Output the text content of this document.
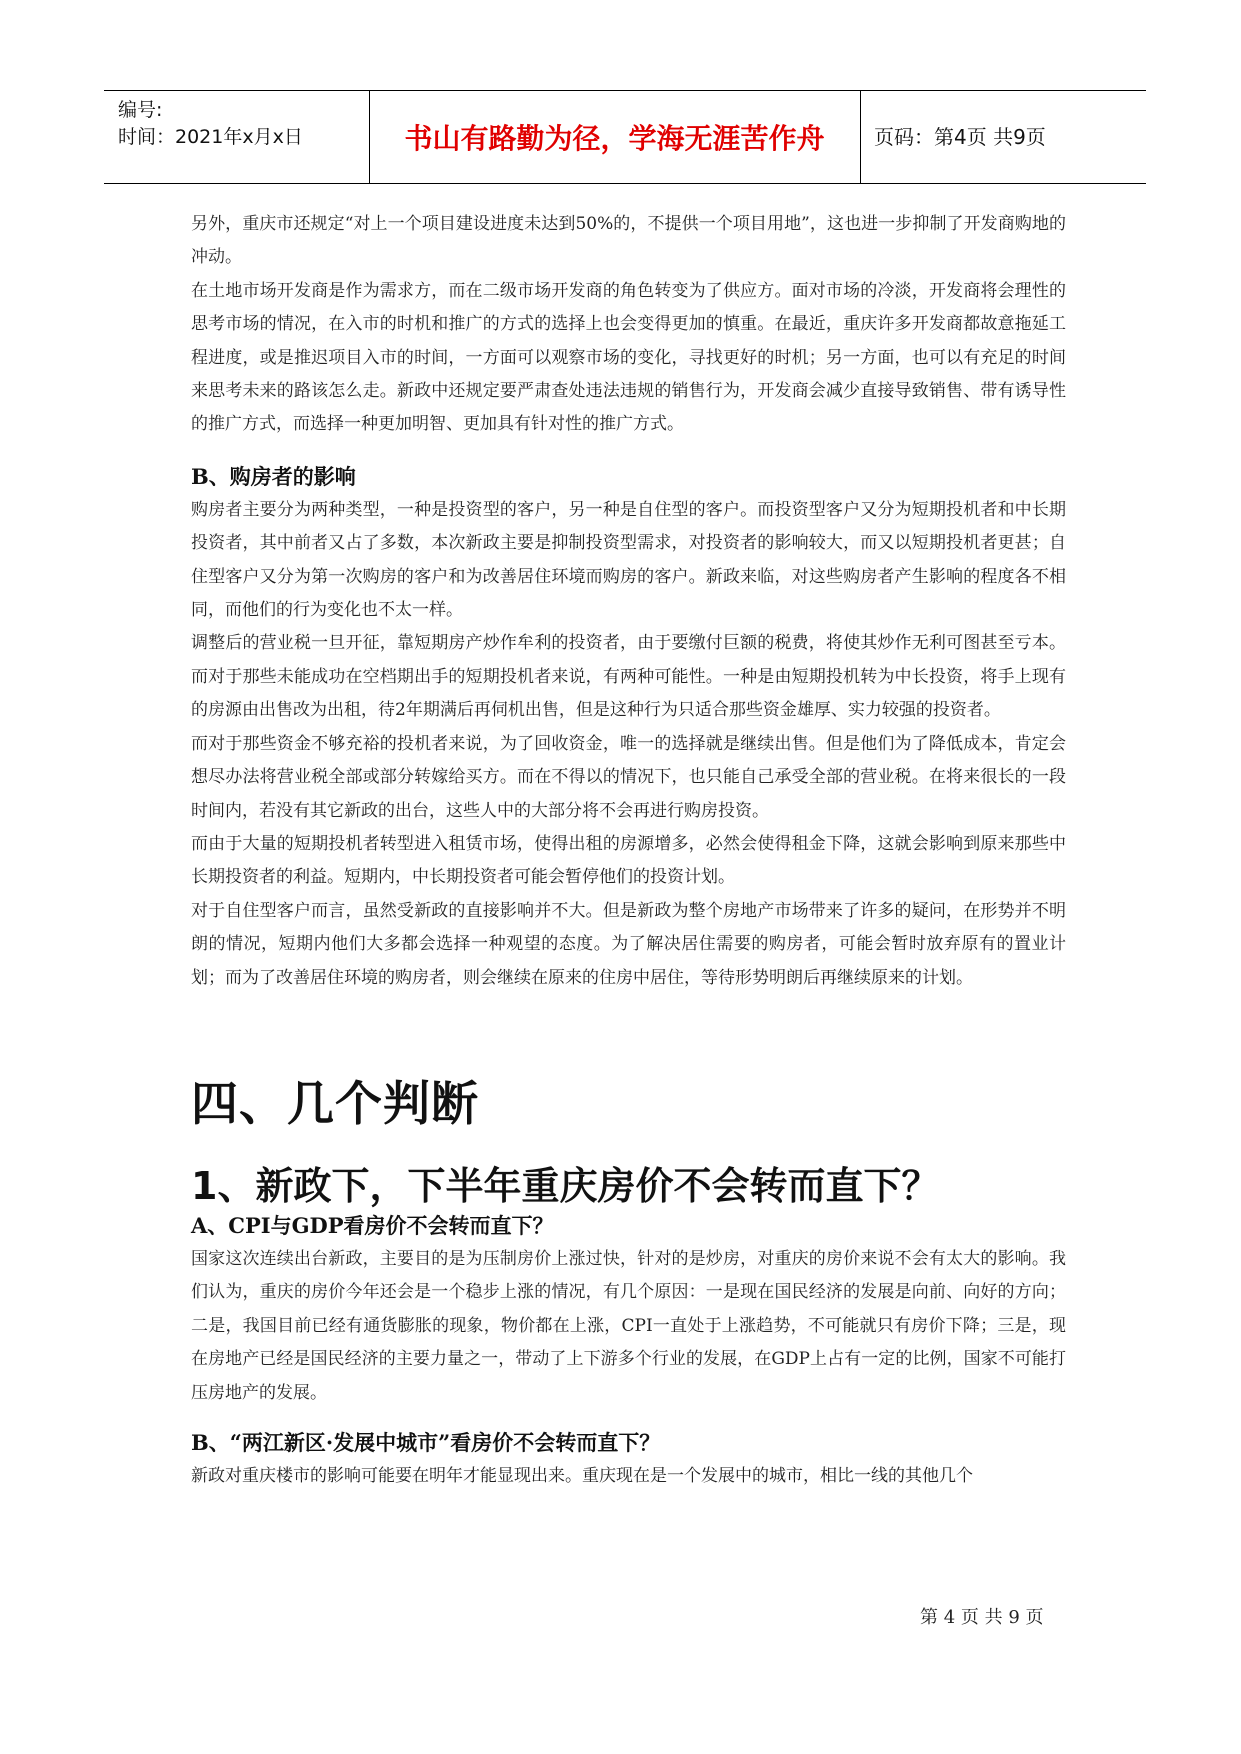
编号:
时间：2021年x月x日	书山有路勤为径，学海无涯苦作舟	页码：第4页 共9页

另外，重庆市还规定“对上一个项目建设进度未达到50%的，不提供一个项目用地”，这也进一步抑制了开发商购地的冲动。

在土地市场开发商是作为需求方，而在二级市场开发商的角色转变为了供应方。面对市场的冷淡，开发商将会理性的思考市场的情况，在入市的时机和推广的方式的选择上也会变得更加的慎重。在最近，重庆许多开发商都故意拖延工程进度，或是推迟项目入市的时间，一方面可以观察市场的变化，寻找更好的时机；另一方面，也可以有充足的时间来思考未来的路该怎么走。新政中还规定要严肃查处违法违规的销售行为，开发商会减少直接导致销售、带有诱导性的推广方式，而选择一种更加明智、更加具有针对性的推广方式。

B、购房者的影响

购房者主要分为两种类型，一种是投资型的客户，另一种是自住型的客户。而投资型客户又分为短期投机者和中长期投资者，其中前者又占了多数，本次新政主要是抑制投资型需求，对投资者的影响较大，而又以短期投机者更甚；自住型客户又分为第一次购房的客户和为改善居住环境而购房的客户。新政来临，对这些购房者产生影响的程度各不相同，而他们的行为变化也不太一样。

调整后的营业税一旦开征，靠短期房产炒作牟利的投资者，由于要缴付巨额的税费，将使其炒作无利可图甚至亏本。而对于那些未能成功在空档期出手的短期投机者来说，有两种可能性。一种是由短期投机转为中长投资，将手上现有的房源由出售改为出租，待2年期满后再伺机出售，但是这种行为只适合那些资金雄厚、实力较强的投资者。

而对于那些资金不够充裕的投机者来说，为了回收资金，唯一的选择就是继续出售。但是他们为了降低成本，肯定会想尽办法将营业税全部或部分转嫁给买方。而在不得以的情况下，也只能自己承受全部的营业税。在将来很长的一段时间内，若没有其它新政的出台，这些人中的大部分将不会再进行购房投资。

而由于大量的短期投机者转型进入租赁市场，使得出租的房源增多，必然会使得租金下降，这就会影响到原来那些中长期投资者的利益。短期内，中长期投资者可能会暂停他们的投资计划。

对于自住型客户而言，虽然受新政的直接影响并不大。但是新政为整个房地产市场带来了许多的疑问，在形势并不明朗的情况，短期内他们大多都会选择一种观望的态度。为了解决居住需要的购房者，可能会暂时放弃原有的置业计划；而为了改善居住环境的购房者，则会继续在原来的住房中居住，等待形势明朗后再继续原来的计划。

四、几个判断
1、新政下，下半年重庆房价不会转而直下？
A、CPI与GDP看房价不会转而直下？

国家这次连续出台新政，主要目的是为压制房价上涨过快，针对的是炒房，对重庆的房价来说不会有太大的影响。我们认为，重庆的房价今年还会是一个稳步上涨的情况，有几个原因：一是现在国民经济的发展是向前、向好的方向；二是，我国目前已经有通货膨胀的现象，物价都在上涨，CPI一直处于上涨趋势，不可能就只有房价下降；三是，现在房地产已经是国民经济的主要力量之一，带动了上下游多个行业的发展，在GDP上占有一定的比例，国家不可能打压房地产的发展。

B、“两江新区·发展中城市”看房价不会转而直下？

新政对重庆楼市的影响可能要在明年才能显现出来。重庆现在是一个发展中的城市，相比一线的其他几个

第 4 页 共 9 页
